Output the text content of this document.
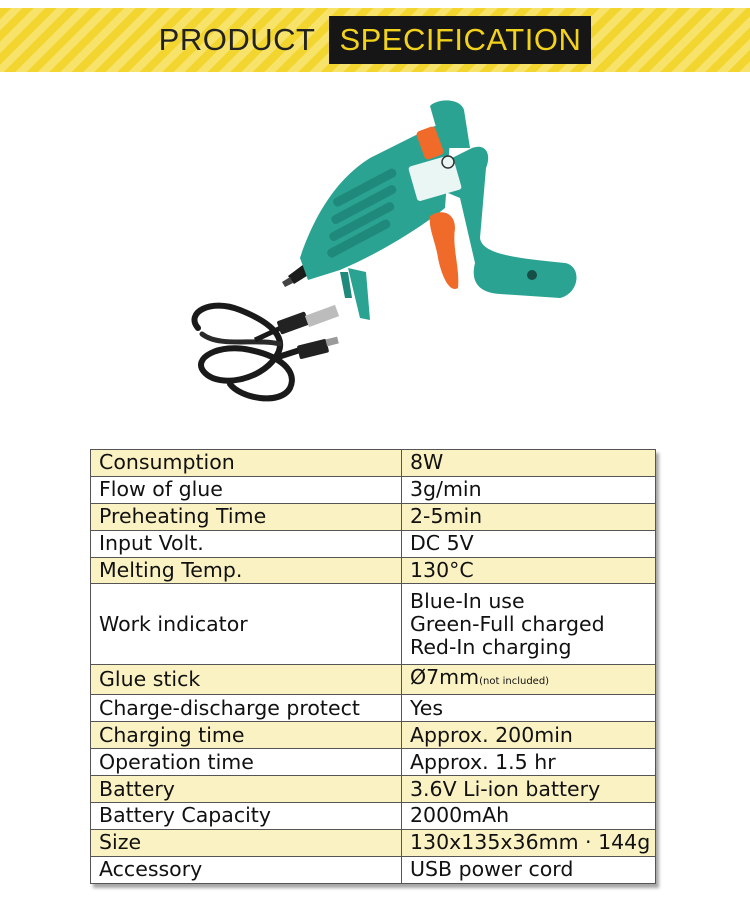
PRODUCT SPECIFICATION
Consumption	8W
Flow of glue	3g/min
Preheating Time	2-5min
Input Volt.	DC 5V
Melting Temp.	130°C
Work indicator	Blue-In use
Green-Full charged
Red-In charging

Glue stick	Ø7mm(not included)
Charge-discharge protect	Yes
Charging time	Approx. 200min
Operation time	Approx. 1.5 hr
Battery	3.6V Li-ion battery
Battery Capacity	2000mAh
Size	130x135x36mm · 144g
Accessory	USB power cord
